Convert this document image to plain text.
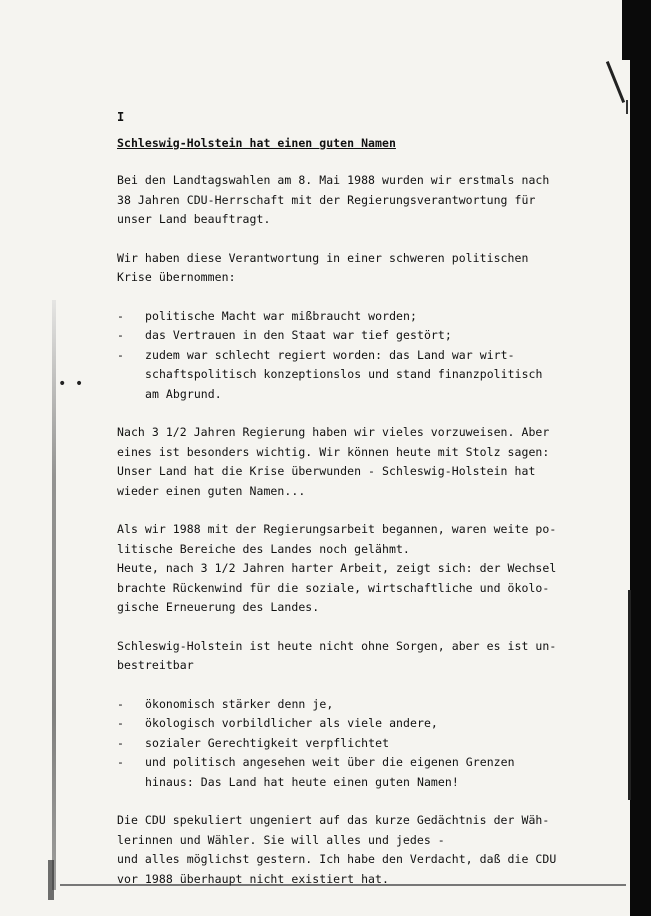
• •

I

Schleswig-Holstein hat einen guten Namen

Bei den Landtagswahlen am 8. Mai 1988 wurden wir erstmals nach
38 Jahren CDU-Herrschaft mit der Regierungsverantwortung für
unser Land beauftragt.

Wir haben diese Verantwortung in einer schweren politischen
Krise übernommen:

- politische Macht war mißbraucht worden;
- das Vertrauen in den Staat war tief gestört;
- zudem war schlecht regiert worden: das Land war wirt-
schaftspolitisch konzeptionslos und stand finanzpolitisch
am Abgrund.

Nach 3 1/2 Jahren Regierung haben wir vieles vorzuweisen. Aber
eines ist besonders wichtig. Wir können heute mit Stolz sagen:
Unser Land hat die Krise überwunden - Schleswig-Holstein hat
wieder einen guten Namen...

Als wir 1988 mit der Regierungsarbeit begannen, waren weite po-
litische Bereiche des Landes noch gelähmt.
Heute, nach 3 1/2 Jahren harter Arbeit, zeigt sich: der Wechsel
brachte Rückenwind für die soziale, wirtschaftliche und ökolo-
gische Erneuerung des Landes.

Schleswig-Holstein ist heute nicht ohne Sorgen, aber es ist un-
bestreitbar

- ökonomisch stärker denn je,
- ökologisch vorbildlicher als viele andere,
- sozialer Gerechtigkeit verpflichtet
- und politisch angesehen weit über die eigenen Grenzen
hinaus: Das Land hat heute einen guten Namen!

Die CDU spekuliert ungeniert auf das kurze Gedächtnis der Wäh-
lerinnen und Wähler. Sie will alles und jedes -
und alles möglichst gestern. Ich habe den Verdacht, daß die CDU
vor 1988 überhaupt nicht existiert hat.
